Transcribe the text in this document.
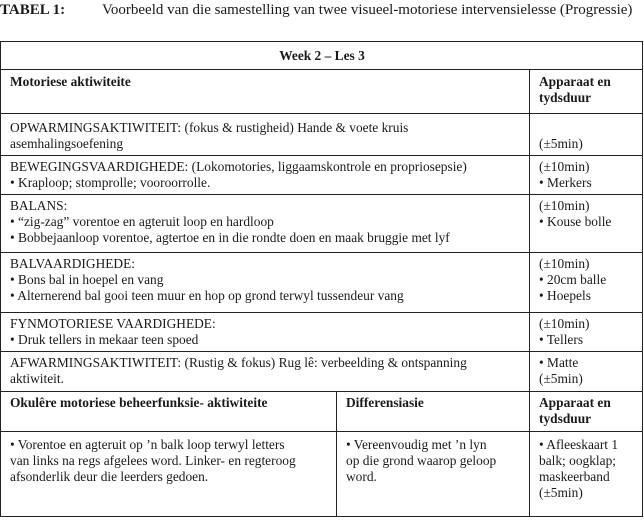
TABEL 1: Voorbeeld van die samestelling van twee visueel-motoriese intervensielesse (Progressie)
Week 2 – Les 3		
Motoriese aktiwiteite		Apparaat en
tydsduur

OPWARMINGSAKTIWITEIT: (fokus & rustigheid) Hande & voete kruis
asemhalingsoefening		(±5min)

BEWEGINGSVAARDIGHEDE: (Lokomotories, liggaamskontrole en propriosepsie)
• Kraploop; stomprolle; vooroorrolle.		(±10min)
• Merkers

BALANS:
• “zig-zag” vorentoe en agteruit loop en hardloop
• Bobbejaanloop vorentoe, agtertoe en in die rondte doen en maak bruggie met lyf		(±10min)
• Kouse bolle

BALVAARDIGHEDE:
• Bons bal in hoepel en vang
• Alternerend bal gooi teen muur en hop op grond terwyl tussendeur vang		(±10min)
• 20cm balle
• Hoepels

FYNMOTORIESE VAARDIGHEDE:
• Druk tellers in mekaar teen spoed		(±10min)
• Tellers

AFWARMINGSAKTIWITEIT: (Rustig & fokus) Rug lê: verbeelding & ontspanning
aktiwiteit.		• Matte
(±5min)

Okulêre motoriese beheerfunksie- aktiwiteite	Differensiasie	Apparaat en
tydsduur

• Vorentoe en agteruit op ’n balk loop terwyl letters
van links na regs afgelees word. Linker- en regteroog
afsonderlik deur die leerders gedoen.	• Vereenvoudig met ’n lyn
op die grond waarop geloop
word.	• Afleeskaart 1
balk; oogklap;
maskeerband
(±5min)
